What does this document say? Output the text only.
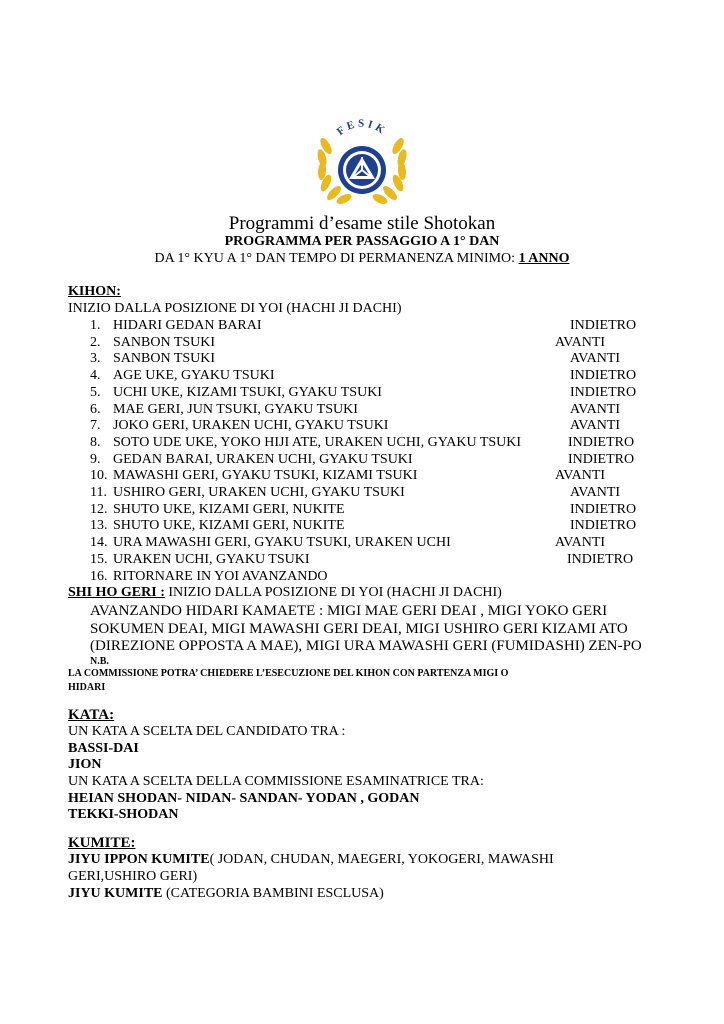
FESIK
Programmi d’esame stile Shotokan
PROGRAMMA PER PASSAGGIO A 1° DAN
DA 1° KYU A 1° DAN TEMPO DI PERMANENZA MINIMO: 1 ANNO
KIHON:
INIZIO DALLA POSIZIONE DI YOI (HACHI JI DACHI)
1. HIDARI GEDAN BARAI	INDIETRO
2. SANBON TSUKI	AVANTI
3. SANBON TSUKI	AVANTI
4. AGE UKE, GYAKU TSUKI	INDIETRO
5. UCHI UKE, KIZAMI TSUKI, GYAKU TSUKI	INDIETRO
6. MAE GERI, JUN TSUKI, GYAKU TSUKI	AVANTI
7. JOKO GERI, URAKEN UCHI, GYAKU TSUKI	AVANTI
8. SOTO UDE UKE, YOKO HIJI ATE, URAKEN UCHI, GYAKU TSUKI	INDIETRO
9. GEDAN BARAI, URAKEN UCHI, GYAKU TSUKI	INDIETRO
10. MAWASHI GERI, GYAKU TSUKI, KIZAMI TSUKI	AVANTI
11. USHIRO GERI, URAKEN UCHI, GYAKU TSUKI	AVANTI
12. SHUTO UKE, KIZAMI GERI, NUKITE	INDIETRO
13. SHUTO UKE, KIZAMI GERI, NUKITE	INDIETRO
14. URA MAWASHI GERI, GYAKU TSUKI, URAKEN UCHI	AVANTI
15. URAKEN UCHI, GYAKU TSUKI	INDIETRO
16. RITORNARE IN YOI AVANZANDO
SHI HO GERI : INIZIO DALLA POSIZIONE DI YOI (HACHI JI DACHI)
AVANZANDO HIDARI KAMAETE : MIGI MAE GERI DEAI , MIGI YOKO GERI
SOKUMEN DEAI, MIGI MAWASHI GERI DEAI, MIGI USHIRO GERI KIZAMI ATO
(DIREZIONE OPPOSTA A MAE), MIGI URA MAWASHI GERI (FUMIDASHI) ZEN-PO
N.B.
LA COMMISSIONE POTRA’ CHIEDERE L’ESECUZIONE DEL KIHON CON PARTENZA MIGI O
HIDARI
KATA:
UN KATA A SCELTA DEL CANDIDATO TRA :
BASSI-DAI
JION
UN KATA A SCELTA DELLA COMMISSIONE ESAMINATRICE TRA:
HEIAN SHODAN- NIDAN- SANDAN- YODAN , GODAN
TEKKI-SHODAN
KUMITE:
JIYU IPPON KUMITE( JODAN, CHUDAN, MAEGERI, YOKOGERI, MAWASHI
GERI,USHIRO GERI)
JIYU KUMITE (CATEGORIA BAMBINI ESCLUSA)
